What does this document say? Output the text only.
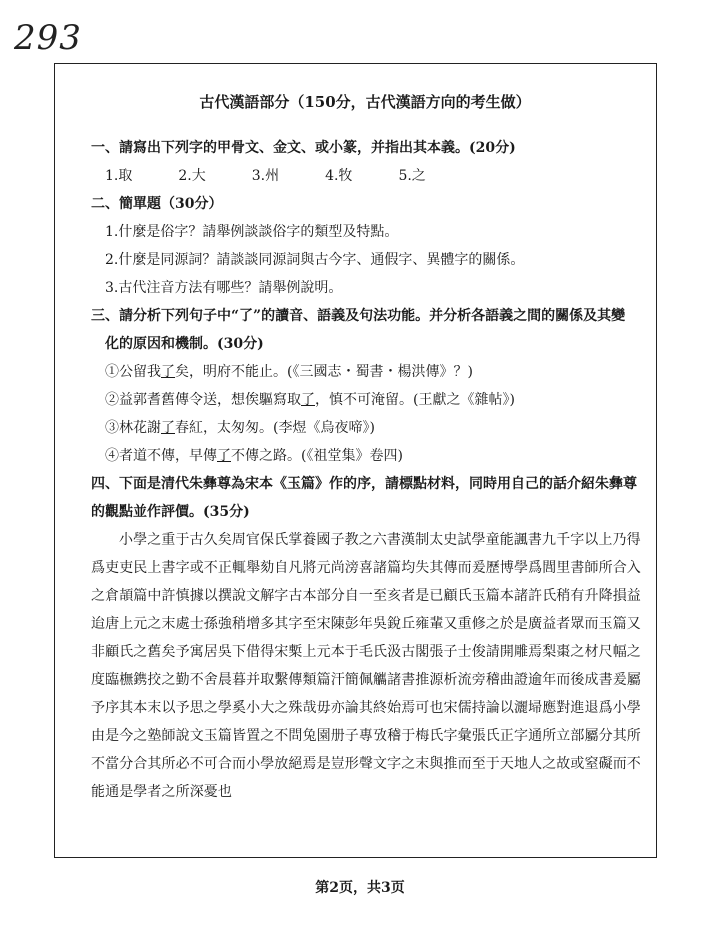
293
古代漢語部分（150分，古代漢語方向的考生做）

一、請寫出下列字的甲骨文、金文、或小篆，并指出其本義。(20分)

1.取	2.大	3.州	4.牧	5.之

二、簡單題（30分）

1.什麼是俗字？請舉例談談俗字的類型及特點。

2.什麼是同源詞？請談談同源詞與古今字、通假字、異體字的關係。

3.古代注音方法有哪些？請舉例說明。

三、請分析下列句子中“了”的讀音、語義及句法功能。并分析各語義之間的關係及其變

化的原因和機制。(30分)

①公留我了矣，明府不能止。(《三國志・蜀書・楊洪傳》？)

②益郭耆舊傳令送，想俟驅寫取了，慎不可淹留。(王獻之《雜帖》)

③林花謝了春紅，太匆匆。(李煜《烏夜啼》)

④者道不傳，早傳了不傳之路。(《祖堂集》卷四)

四、下面是清代朱彝尊為宋本《玉篇》作的序，請標點材料，同時用自己的話介紹朱彝尊

的觀點並作評價。(35分)

小學之重于古久矣周官保氏掌養國子教之六書漢制太史試學童能諷書九千字以上乃得

爲吏吏民上書字或不正輒舉劾自凡將元尚滂喜諸篇均失其傳而爰歷博學爲閭里書師所合入

之倉頡篇中許慎據以撰說文解字古本部分自一至亥者是已顧氏玉篇本諸許氏稍有升降損益

迨唐上元之末處士孫強稍增多其字至宋陳彭年吳銳丘雍輩又重修之於是廣益者眾而玉篇又

非顧氏之舊矣予寓居吳下借得宋槧上元本于毛氏汲古閣張子士俊請開雕焉梨棗之材尺幅之

度臨橅鎸挍之勤不舍晨暮并取繫傳類篇汗簡佩觿諸書推源析流旁稽曲證逾年而後成書爰屬

予序其本末以予思之學奚小大之殊哉毋亦論其終始焉可也宋儒持論以灑埽應對進退爲小學

由是今之塾師說文玉篇皆置之不問兔園册子專攷稽于梅氏字彙張氏正字通所立部屬分其所

不當分合其所必不可合而小學放絕焉是豈形聲文字之末與推而至于天地人之故或窒礙而不

能通是學者之所深憂也

第2页，共3页
